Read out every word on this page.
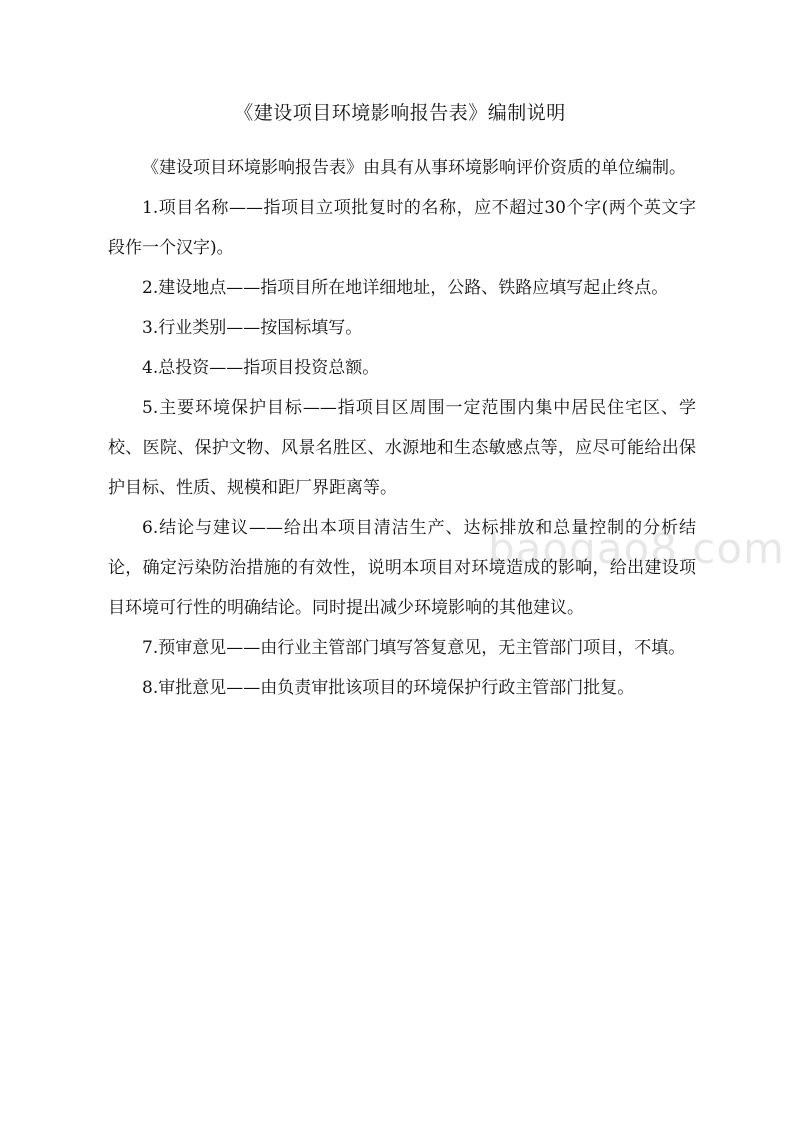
《建设项目环境影响报告表》编制说明

《建设项目环境影响报告表》由具有从事环境影响评价资质的单位编制。

1.项目名称——指项目立项批复时的名称，应不超过30个字(两个英文字段作一个汉字)。

2.建设地点——指项目所在地详细地址，公路、铁路应填写起止终点。

3.行业类别——按国标填写。

4.总投资——指项目投资总额。

5.主要环境保护目标——指项目区周围一定范围内集中居民住宅区、学校、医院、保护文物、风景名胜区、水源地和生态敏感点等，应尽可能给出保护目标、性质、规模和距厂界距离等。

6.结论与建议——给出本项目清洁生产、达标排放和总量控制的分析结论，确定污染防治措施的有效性，说明本项目对环境造成的影响，给出建设项目环境可行性的明确结论。同时提出减少环境影响的其他建议。

7.预审意见——由行业主管部门填写答复意见，无主管部门项目，不填。

8.审批意见——由负责审批该项目的环境保护行政主管部门批复。

baogao8.com
